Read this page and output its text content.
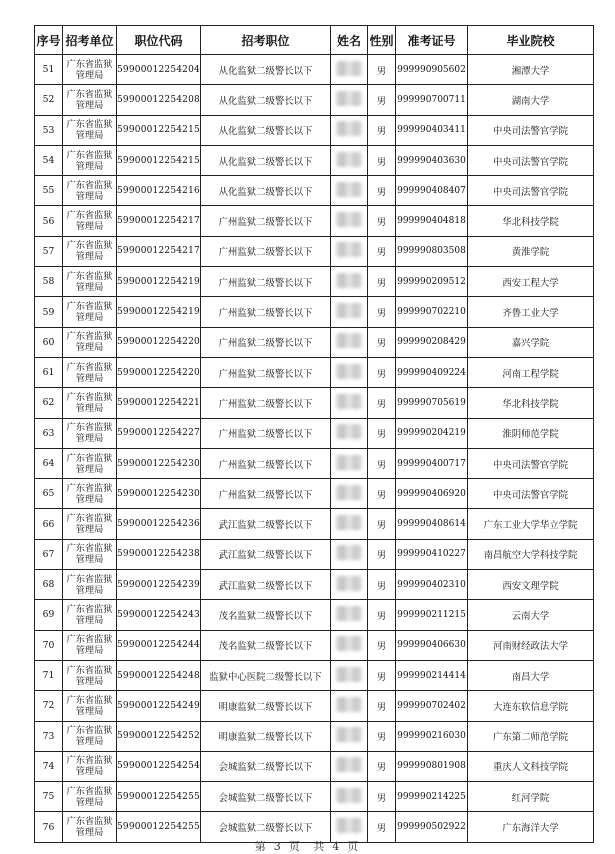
序号	招考单位	职位代码	招考职位	姓名	性别	准考证号	毕业院校
51	广东省监狱管理局	59900012254204	从化监狱二级警长以下		男	999990905602	湘潭大学
52	广东省监狱管理局	59900012254208	从化监狱二级警长以下		男	999990700711	湖南大学
53	广东省监狱管理局	59900012254215	从化监狱二级警长以下		男	999990403411	中央司法警官学院
54	广东省监狱管理局	59900012254215	从化监狱二级警长以下		男	999990403630	中央司法警官学院
55	广东省监狱管理局	59900012254216	从化监狱二级警长以下		男	999990408407	中央司法警官学院
56	广东省监狱管理局	59900012254217	广州监狱二级警长以下		男	999990404818	华北科技学院
57	广东省监狱管理局	59900012254217	广州监狱二级警长以下		男	999990803508	黄淮学院
58	广东省监狱管理局	59900012254219	广州监狱二级警长以下		男	999990209512	西安工程大学
59	广东省监狱管理局	59900012254219	广州监狱二级警长以下		男	999990702210	齐鲁工业大学
60	广东省监狱管理局	59900012254220	广州监狱二级警长以下		男	999990208429	嘉兴学院
61	广东省监狱管理局	59900012254220	广州监狱二级警长以下		男	999990409224	河南工程学院
62	广东省监狱管理局	59900012254221	广州监狱二级警长以下		男	999990705619	华北科技学院
63	广东省监狱管理局	59900012254227	广州监狱二级警长以下		男	999990204219	淮阴师范学院
64	广东省监狱管理局	59900012254230	广州监狱二级警长以下		男	999990400717	中央司法警官学院
65	广东省监狱管理局	59900012254230	广州监狱二级警长以下		男	999990406920	中央司法警官学院
66	广东省监狱管理局	59900012254236	武江监狱二级警长以下		男	999990408614	广东工业大学华立学院
67	广东省监狱管理局	59900012254238	武江监狱二级警长以下		男	999990410227	南昌航空大学科技学院
68	广东省监狱管理局	59900012254239	武江监狱二级警长以下		男	999990402310	西安文理学院
69	广东省监狱管理局	59900012254243	茂名监狱二级警长以下		男	999990211215	云南大学
70	广东省监狱管理局	59900012254244	茂名监狱二级警长以下		男	999990406630	河南财经政法大学
71	广东省监狱管理局	59900012254248	监狱中心医院二级警长以下		男	999990214414	南昌大学
72	广东省监狱管理局	59900012254249	明康监狱二级警长以下		男	999990702402	大连东软信息学院
73	广东省监狱管理局	59900012254252	明康监狱二级警长以下		男	999990216030	广东第二师范学院
74	广东省监狱管理局	59900012254254	会城监狱二级警长以下		男	999990801908	重庆人文科技学院
75	广东省监狱管理局	59900012254255	会城监狱二级警长以下		男	999990214225	红河学院
76	广东省监狱管理局	59900012254255	会城监狱二级警长以下		男	999990502922	广东海洋大学
第 3 页 共 4 页
